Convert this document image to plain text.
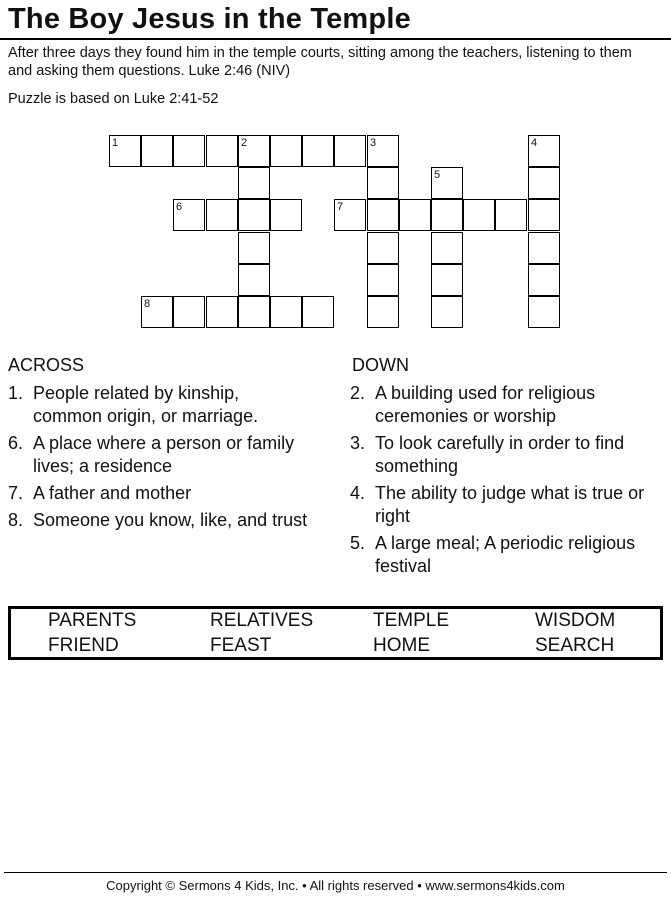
The Boy Jesus in the Temple
After three days they found him in the temple courts, sitting among the teachers, listening to them and asking them questions. Luke 2:46 (NIV)
Puzzle is based on Luke 2:41-52
1	2	3	4
5
6	7
8
ACROSS
1. People related by kinship, common origin, or marriage.
6. A place where a person or family lives; a residence
7. A father and mother
8. Someone you know, like, and trust
DOWN
2. A building used for religious ceremonies or worship
3. To look carefully in order to find something
4. The ability to judge what is true or right
5. A large meal; A periodic religious festival
PARENTS	RELATIVES	TEMPLE	WISDOM
FRIEND	FEAST	HOME	SEARCH
Copyright © Sermons 4 Kids, Inc. • All rights reserved • www.sermons4kids.com
